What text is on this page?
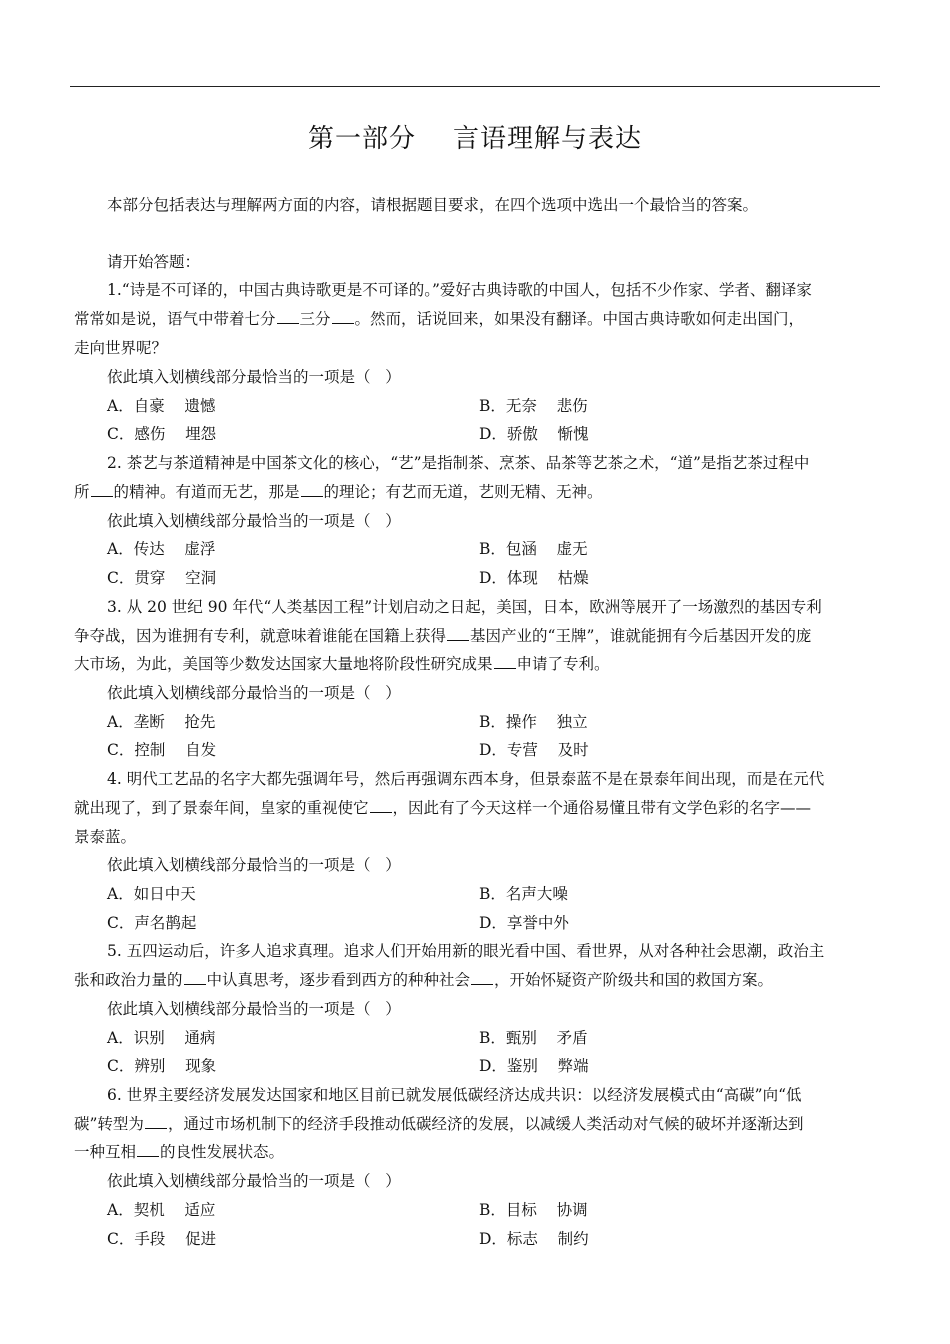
第一部分    言语理解与表达
本部分包括表达与理解两方面的内容，请根据题目要求，在四个选项中选出一个最恰当的答案。
请开始答题：
1.“诗是不可译的，中国古典诗歌更是不可译的。”爱好古典诗歌的中国人，包括不少作家、学者、翻译家
常常如是说，语气中带着七分 三分 。然而，话说回来，如果没有翻译。中国古典诗歌如何走出国门，
走向世界呢？
依此填入划横线部分最恰当的一项是（   ）
A．自豪    遗憾	B．无奈    悲伤
C．感伤    埋怨	D．骄傲    惭愧
2. 茶艺与茶道精神是中国茶文化的核心，“艺”是指制茶、烹茶、品茶等艺茶之术，“道”是指艺茶过程中
所 的精神。有道而无艺，那是 的理论；有艺而无道，艺则无精、无神。
依此填入划横线部分最恰当的一项是（   ）
A．传达    虚浮	B．包涵    虚无
C．贯穿    空洞	D．体现    枯燥
3. 从 20 世纪 90 年代“人类基因工程”计划启动之日起，美国，日本，欧洲等展开了一场激烈的基因专利
争夺战，因为谁拥有专利，就意味着谁能在国籍上获得 基因产业的“王牌”，谁就能拥有今后基因开发的庞
大市场，为此，美国等少数发达国家大量地将阶段性研究成果 申请了专利。
依此填入划横线部分最恰当的一项是（   ）
A．垄断    抢先	B．操作    独立
C．控制    自发	D．专营    及时
4. 明代工艺品的名字大都先强调年号，然后再强调东西本身，但景泰蓝不是在景泰年间出现，而是在元代
就出现了，到了景泰年间，皇家的重视使它 ，因此有了今天这样一个通俗易懂且带有文学色彩的名字——
景泰蓝。
依此填入划横线部分最恰当的一项是（   ）
A．如日中天	B．名声大噪
C．声名鹊起	D．享誉中外
5. 五四运动后，许多人追求真理。追求人们开始用新的眼光看中国、看世界，从对各种社会思潮，政治主
张和政治力量的 中认真思考，逐步看到西方的种种社会 ，开始怀疑资产阶级共和国的救国方案。
依此填入划横线部分最恰当的一项是（   ）
A．识别    通病	B．甄别    矛盾
C．辨别    现象	D．鉴别    弊端
6. 世界主要经济发展发达国家和地区目前已就发展低碳经济达成共识：以经济发展模式由“高碳”向“低
碳”转型为 ，通过市场机制下的经济手段推动低碳经济的发展，以减缓人类活动对气候的破坏并逐渐达到
一种互相 的良性发展状态。
依此填入划横线部分最恰当的一项是（   ）
A．契机    适应	B．目标    协调
C．手段    促进	D．标志    制约
